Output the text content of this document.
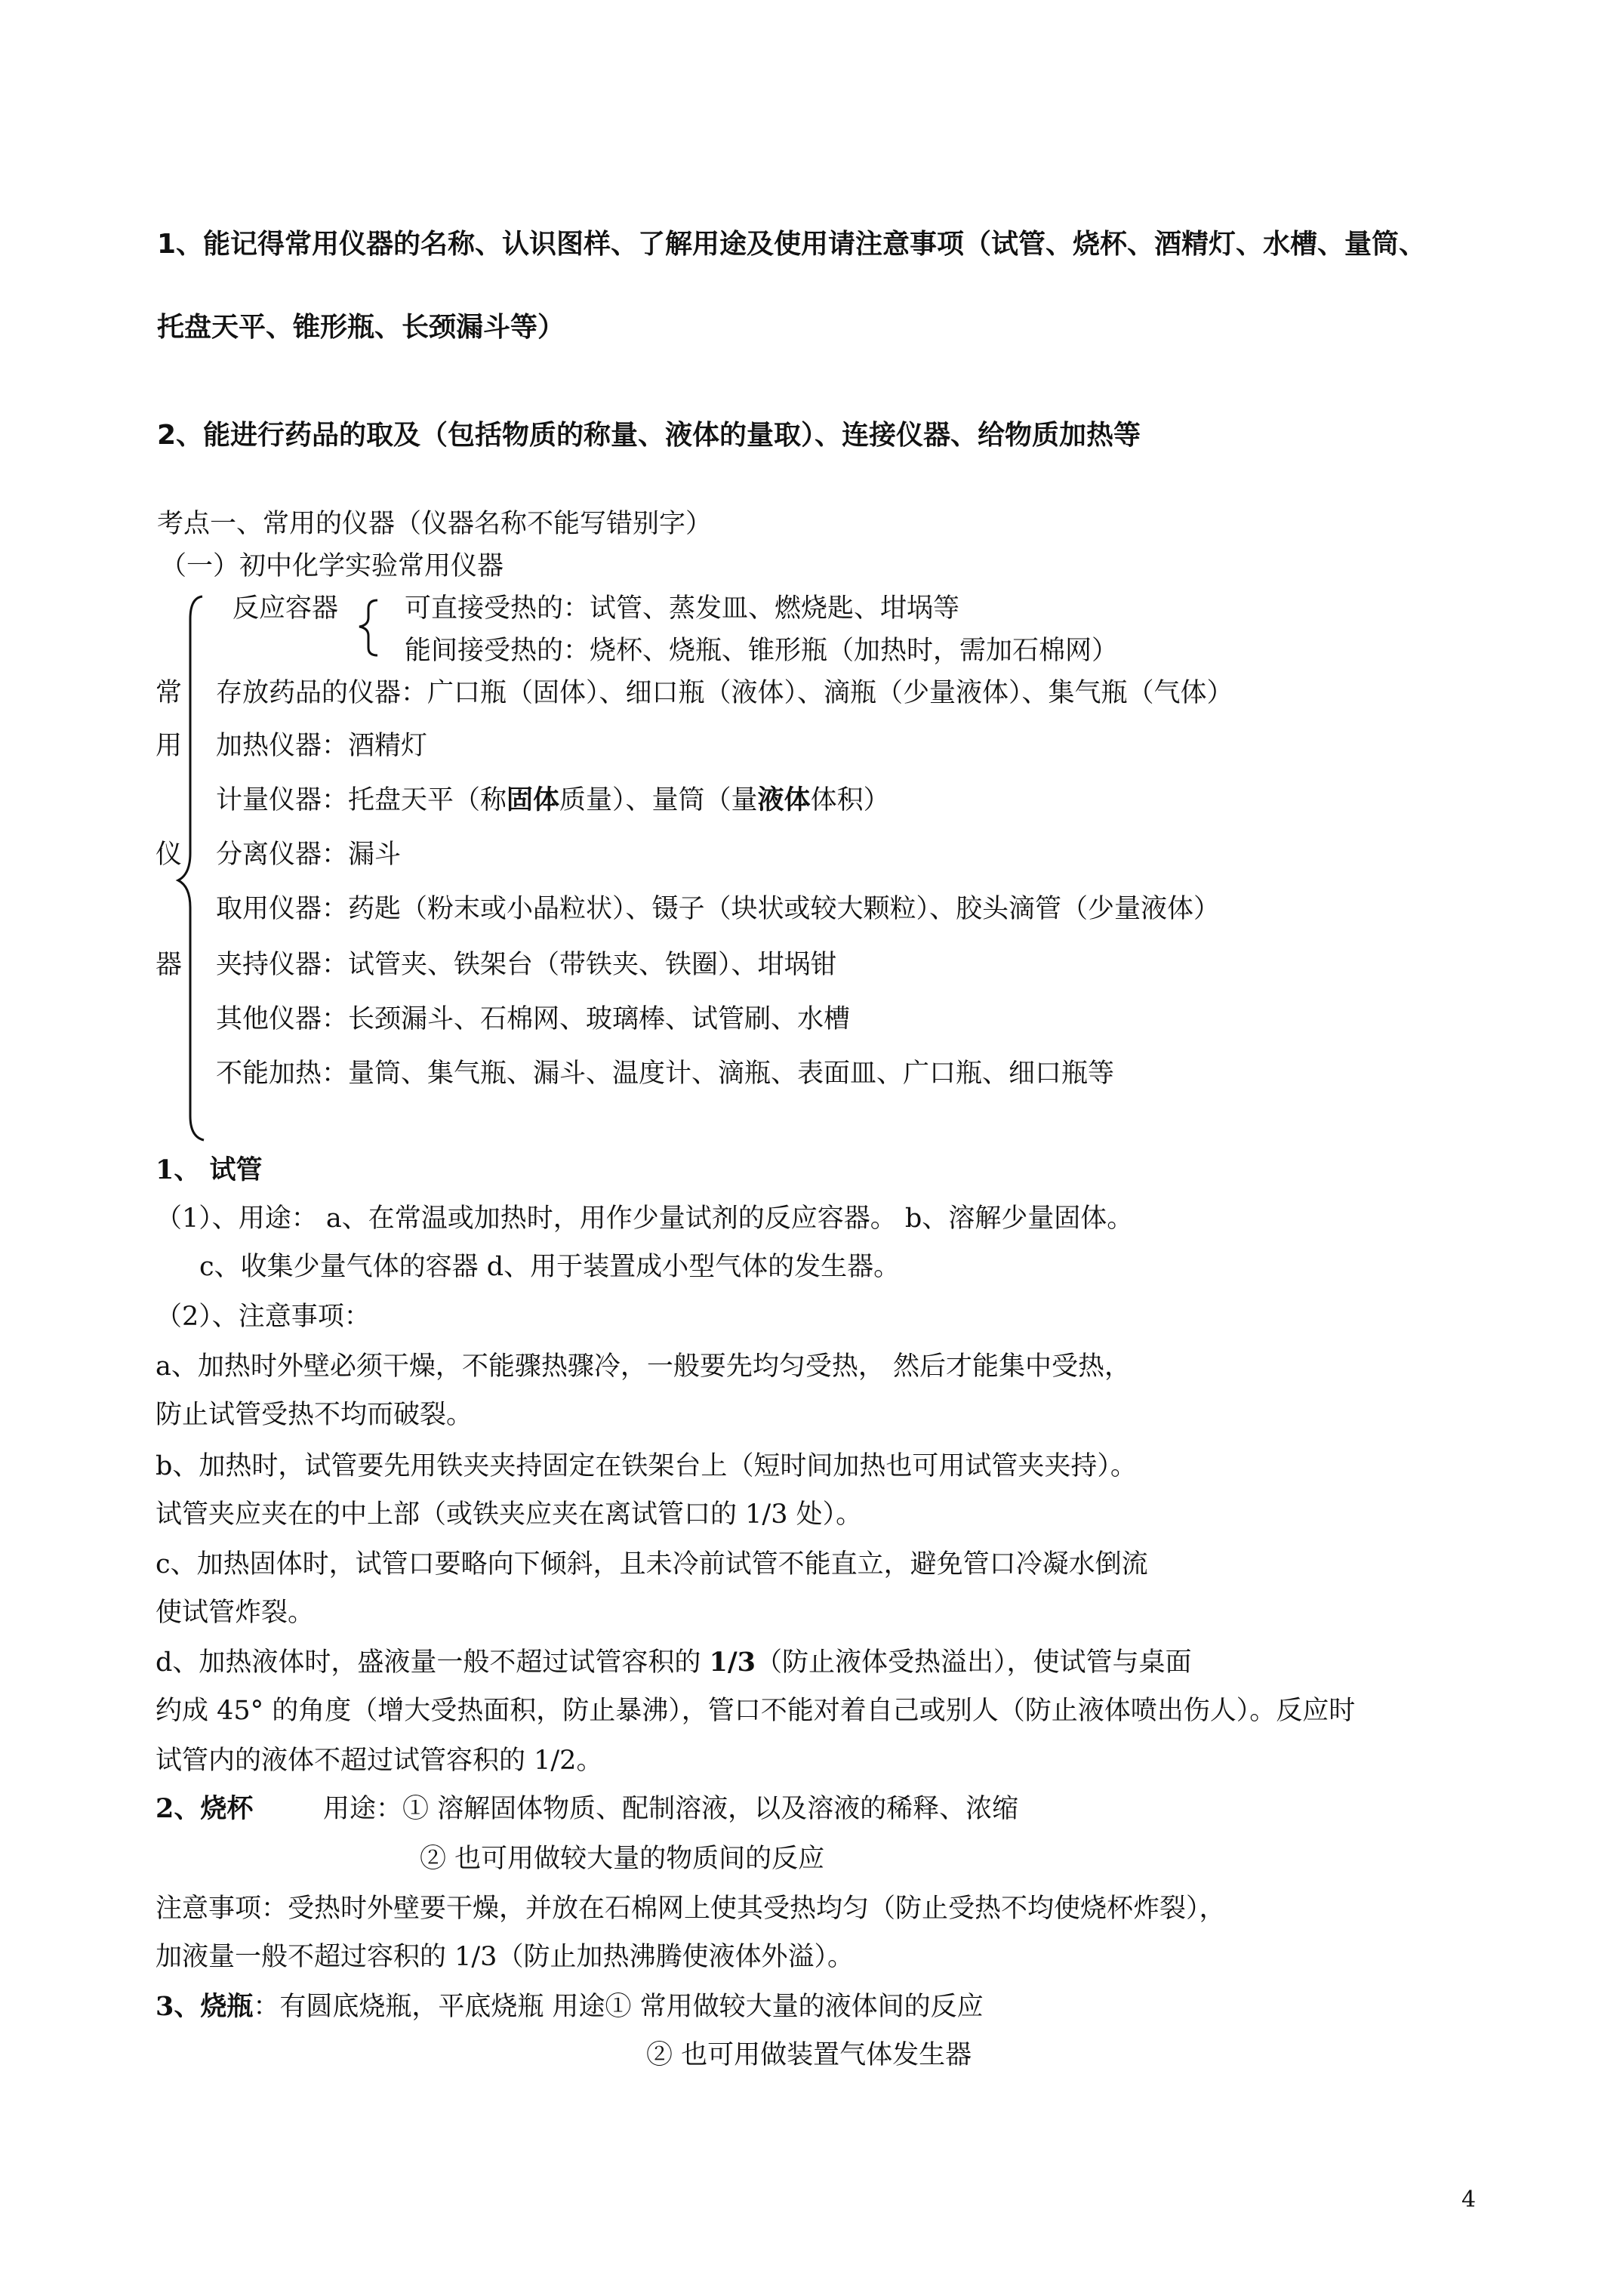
1、能记得常用仪器的名称、认识图样、了解用途及使用请注意事项（试管、烧杯、酒精灯、水槽、量筒、
托盘天平、锥形瓶、长颈漏斗等）
2、能进行药品的取及（包括物质的称量、液体的量取）、连接仪器、给物质加热等
考点一、常用的仪器（仪器名称不能写错别字）
（一）初中化学实验常用仪器
常
用
仪
器
反应容器	可直接受热的：试管、蒸发皿、燃烧匙、坩埚等
能间接受热的：烧杯、烧瓶、锥形瓶（加热时，需加石棉网）
存放药品的仪器：广口瓶（固体）、细口瓶（液体）、滴瓶（少量液体）、集气瓶（气体）
加热仪器：酒精灯
计量仪器：托盘天平（称固体质量）、量筒（量液体体积）
分离仪器：漏斗
取用仪器：药匙（粉末或小晶粒状）、镊子（块状或较大颗粒）、胶头滴管（少量液体）
夹持仪器：试管夹、铁架台（带铁夹、铁圈）、坩埚钳
其他仪器：长颈漏斗、石棉网、玻璃棒、试管刷、水槽
不能加热：量筒、集气瓶、漏斗、温度计、滴瓶、表面皿、广口瓶、细口瓶等
1、 试管
（1）、用途： a、在常温或加热时，用作少量试剂的反应容器。 b、溶解少量固体。
c、收集少量气体的容器 d、用于装置成小型气体的发生器。
（2）、注意事项：
a、加热时外壁必须干燥，不能骤热骤冷，一般要先均匀受热， 然后才能集中受热，
防止试管受热不均而破裂。
b、加热时，试管要先用铁夹夹持固定在铁架台上（短时间加热也可用试管夹夹持）。
试管夹应夹在的中上部（或铁夹应夹在离试管口的 1/3 处）。
c、加热固体时，试管口要略向下倾斜，且未冷前试管不能直立，避免管口冷凝水倒流
使试管炸裂。
d、加热液体时，盛液量一般不超过试管容积的 1/3（防止液体受热溢出），使试管与桌面
约成 45° 的角度（增大受热面积，防止暴沸），管口不能对着自己或别人（防止液体喷出伤人）。反应时
试管内的液体不超过试管容积的 1/2。
2、烧杯	用途：① 溶解固体物质、配制溶液，以及溶液的稀释、浓缩
② 也可用做较大量的物质间的反应
注意事项：受热时外壁要干燥，并放在石棉网上使其受热均匀（防止受热不均使烧杯炸裂），
加液量一般不超过容积的 1/3（防止加热沸腾使液体外溢）。
3、烧瓶：有圆底烧瓶，平底烧瓶 用途① 常用做较大量的液体间的反应
② 也可用做装置气体发生器
4
